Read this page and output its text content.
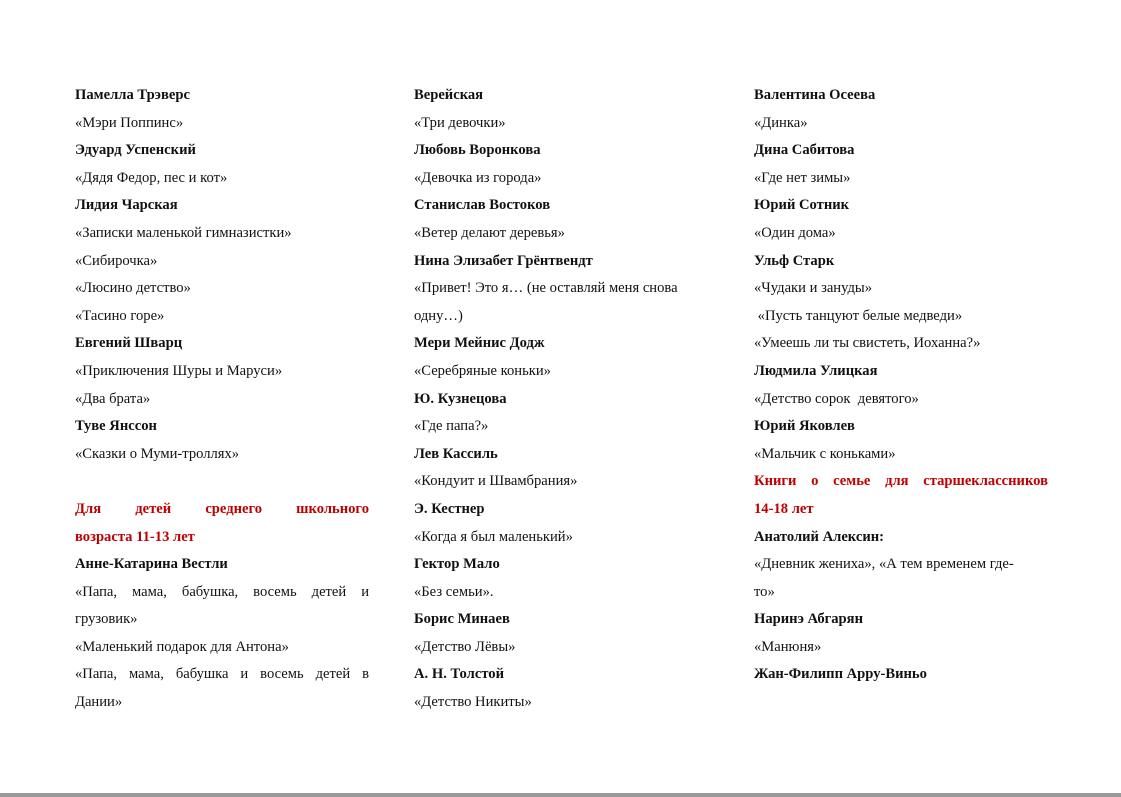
Памелла Трэверс
«Мэри Поппинс»
Эдуард Успенский
«Дядя Федор, пес и кот»
Лидия Чарская
«Записки маленькой гимназистки»
«Сибирочка»
«Люсино детство»
«Тасино горе»
Евгений Шварц
«Приключения Шуры и Маруси»
«Два брата»
Туве Янссон
«Сказки о Муми-троллях»
Для детей среднего школьного
возраста 11-13 лет
Анне-Катарина Вестли
«Папа, мама, бабушка, восемь детей и
грузовик»
«Маленький подарок для Антона»
«Папа, мама, бабушка и восемь детей в
Дании»
Верейская
«Три девочки»
Любовь Воронкова
«Девочка из города»
Станислав Востоков
«Ветер делают деревья»
Нина Элизабет Грёнтвендт
«Привет! Это я… (не оставляй меня снова
одну…)
Мери Мейнис Додж
«Серебряные коньки»
Ю. Кузнецова
«Где папа?»
Лев Кассиль
«Кондуит и Швамбрания»
Э. Кестнер
«Когда я был маленький»
Гектор Мало
«Без семьи».
Борис Минаев
«Детство Лёвы»
А. Н. Толстой
«Детство Никиты»
Валентина Осеева
«Динка»
Дина Сабитова
«Где нет зимы»
Юрий Сотник
«Один дома»
Ульф Старк
«Чудаки и зануды»
«Пусть танцуют белые медведи»
«Умеешь ли ты свистеть, Иоханна?»
Людмила Улицкая
«Детство сорок  девятого»
Юрий Яковлев
«Мальчик с коньками»
Книги о семье для старшеклассников
14-18 лет
Анатолий Алексин:
«Дневник жениха», «А тем временем где-
то»
Наринэ Абгарян
«Манюня»
Жан-Филипп Арру-Виньо
